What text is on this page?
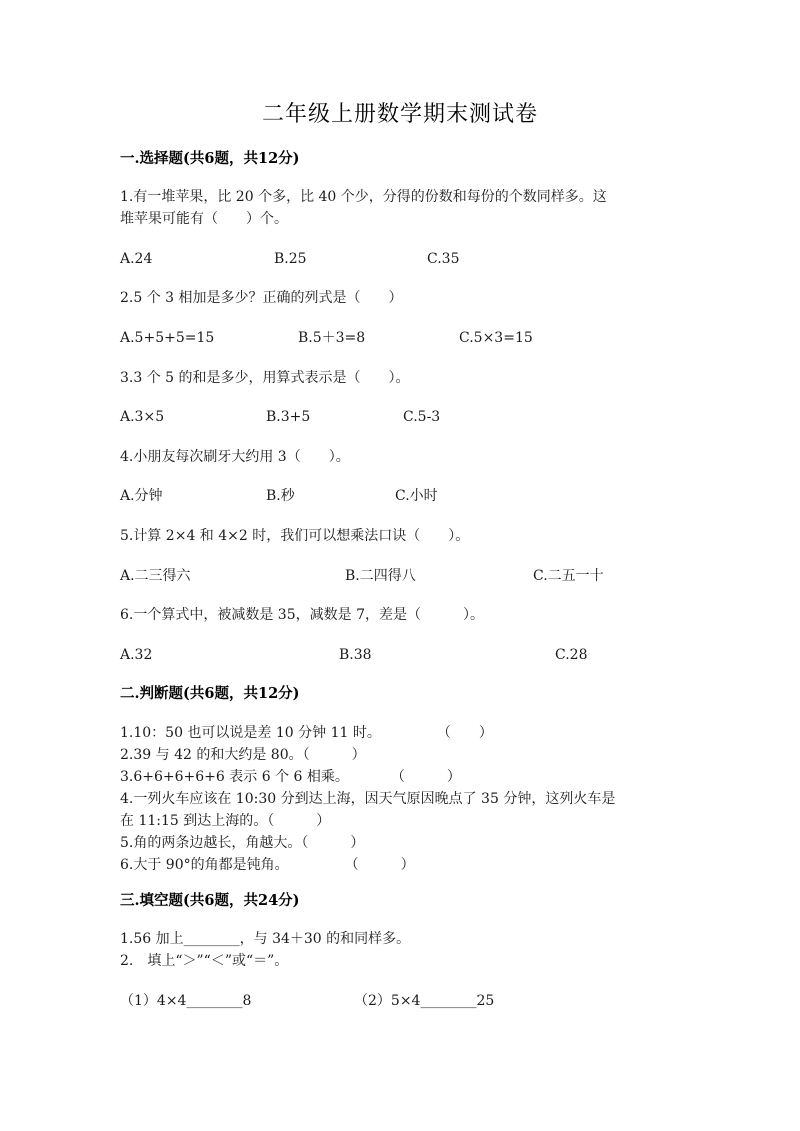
二年级上册数学期末测试卷
一.选择题(共6题，共12分)
1.有一堆苹果，比 20 个多，比 40 个少，分得的份数和每份的个数同样多。这
堆苹果可能有（　　）个。
A.24	B.25	C.35
2.5 个 3 相加是多少？正确的列式是（　　）
A.5+5+5=15	B.5＋3=8	C.5×3=15
3.3 个 5 的和是多少，用算式表示是（　　）。
A.3×5	B.3+5	C.5-3
4.小朋友每次刷牙大约用 3（　　）。
A.分钟	B.秒	C.小时
5.计算 2×4 和 4×2 时，我们可以想乘法口诀（　　）。
A.二三得六	B.二四得八	C.二五一十
6.一个算式中，被减数是 35，减数是 7，差是（　　　）。
A.32	B.38	C.28
二.判断题(共6题，共12分)
1.10：50 也可以说是差 10 分钟 11 时。　　　　　（　　）
2.39 与 42 的和大约是 80。（　　　）
3.6+6+6+6+6 表示 6 个 6 相乘。　　　　（　　　）
4.一列火车应该在 10:30 分到达上海，因天气原因晚点了 35 分钟，这列火车是
在 11:15 到达上海的。（　　　）
5.角的两条边越长，角越大。（　　　）
6.大于 90°的角都是钝角。　　　　　（　　　）
三.填空题(共6题，共24分)
1.56 加上________，与 34＋30 的和同样多。
2.　填上“＞”“＜”或“＝”。
（1）4×4________8	（2）5×4________25
